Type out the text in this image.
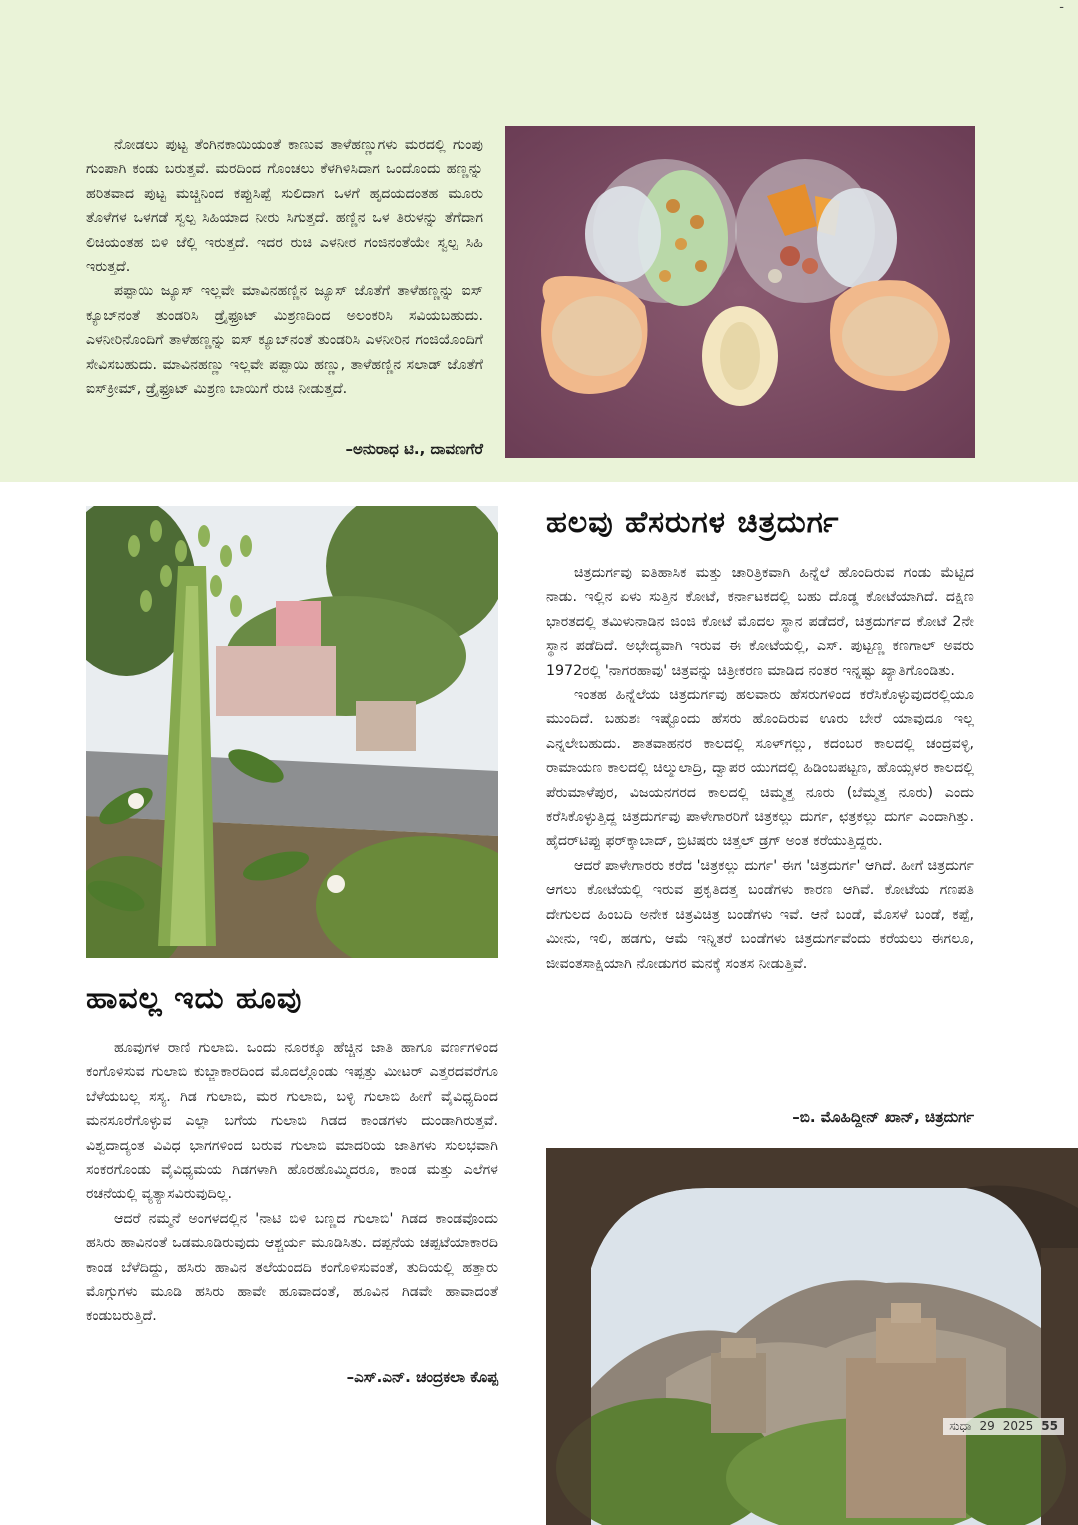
-

ನೋಡಲು ಪುಟ್ಟ ತೆಂಗಿನಕಾಯಿಯಂತೆ ಕಾಣುವ ತಾಳೆಹಣ್ಣುಗಳು ಮರದಲ್ಲಿ ಗುಂಪು ಗುಂಪಾಗಿ ಕಂಡು ಬರುತ್ತವೆ. ಮರದಿಂದ ಗೊಂಚಲು ಕೆಳಗಿಳಿಸಿದಾಗ ಒಂದೊಂದು ಹಣ್ಣನ್ನು ಹರಿತವಾದ ಪುಟ್ಟ ಮಚ್ಚಿನಿಂದ ಕಪ್ಪುಸಿಪ್ಪೆ ಸುಲಿದಾಗ ಒಳಗೆ ಹೃದಯದಂತಹ ಮೂರು ತೊಳೆಗಳ ಒಳಗಡೆ ಸ್ವಲ್ಪ ಸಿಹಿಯಾದ ನೀರು ಸಿಗುತ್ತದೆ. ಹಣ್ಣಿನ ಒಳ ತಿರುಳನ್ನು ತೆಗೆದಾಗ ಲಿಚಿಯಂತಹ ಬಿಳಿ ಜೆಲ್ಲಿ ಇರುತ್ತದೆ. ಇದರ ರುಚಿ ಎಳನೀರ ಗಂಜಿನಂತೆಯೇ ಸ್ವಲ್ಪ ಸಿಹಿ ಇರುತ್ತದೆ.

ಪಪ್ಪಾಯಿ ಜ್ಯೂಸ್ ಇಲ್ಲವೇ ಮಾವಿನಹಣ್ಣಿನ ಜ್ಯೂಸ್ ಜೊತೆಗೆ ತಾಳೆಹಣ್ಣನ್ನು ಐಸ್ ಕ್ಯೂಬ್‌ನಂತೆ ತುಂಡರಿಸಿ ಡ್ರೈಫ್ರೂಟ್ ಮಿಶ್ರಣದಿಂದ ಅಲಂಕರಿಸಿ ಸವಿಯಬಹುದು. ಎಳನೀರಿನೊಂದಿಗೆ ತಾಳೆಹಣ್ಣನ್ನು ಐಸ್ ಕ್ಯೂಬ್‌ನಂತೆ ತುಂಡರಿಸಿ ಎಳನೀರಿನ ಗಂಜಿಯೊಂದಿಗೆ ಸೇವಿಸಬಹುದು. ಮಾವಿನಹಣ್ಣು ಇಲ್ಲವೇ ಪಪ್ಪಾಯಿ ಹಣ್ಣು, ತಾಳೆಹಣ್ಣಿನ ಸಲಾಡ್ ಜೊತೆಗೆ ಐಸ್‌ಕ್ರೀಮ್, ಡ್ರೈಫ್ರೂಟ್ ಮಿಶ್ರಣ ಬಾಯಿಗೆ ರುಚಿ ನೀಡುತ್ತದೆ.

–ಅನುರಾಧ ಟಿ., ದಾವಣಗೆರೆ
ಹಾವಲ್ಲ ಇದು ಹೂವು

ಹೂವುಗಳ ರಾಣಿ ಗುಲಾಬಿ. ಒಂದು ನೂರಕ್ಕೂ ಹೆಚ್ಚಿನ ಜಾತಿ ಹಾಗೂ ವರ್ಣಗಳಿಂದ ಕಂಗೊಳಿಸುವ ಗುಲಾಬಿ ಕುಬ್ಜಾಕಾರದಿಂದ ಮೊದಲ್ಗೊಂಡು ಇಪ್ಪತ್ತು ಮೀಟರ್ ಎತ್ತರದವರೆಗೂ ಬೆಳೆಯಬಲ್ಲ ಸಸ್ಯ. ಗಿಡ ಗುಲಾಬಿ, ಮರ ಗುಲಾಬಿ, ಬಳ್ಳಿ ಗುಲಾಬಿ ಹೀಗೆ ವೈವಿಧ್ಯದಿಂದ ಮನಸೂರೆಗೊಳ್ಳುವ ಎಲ್ಲಾ ಬಗೆಯ ಗುಲಾಬಿ ಗಿಡದ ಕಾಂಡಗಳು ದುಂಡಾಗಿರುತ್ತವೆ. ವಿಶ್ವದಾದ್ಯಂತ ವಿವಿಧ ಭಾಗಗಳಿಂದ ಬರುವ ಗುಲಾಬಿ ಮಾದರಿಯ ಜಾತಿಗಳು ಸುಲಭವಾಗಿ ಸಂಕರಗೊಂಡು ವೈವಿಧ್ಯಮಯ ಗಿಡಗಳಾಗಿ ಹೊರಹೊಮ್ಮಿದರೂ, ಕಾಂಡ ಮತ್ತು ಎಲೆಗಳ ರಚನೆಯಲ್ಲಿ ವ್ಯತ್ಯಾಸವಿರುವುದಿಲ್ಲ.

ಆದರೆ ನಮ್ಮನೆ ಅಂಗಳದಲ್ಲಿನ 'ನಾಟಿ ಬಿಳಿ ಬಣ್ಣದ ಗುಲಾಬಿ' ಗಿಡದ ಕಾಂಡವೊಂದು ಹಸಿರು ಹಾವಿನಂತೆ ಒಡಮೂಡಿರುವುದು ಆಶ್ಚರ್ಯ ಮೂಡಿಸಿತು. ದಪ್ಪನೆಯ ಚಪ್ಪಟೆಯಾಕಾರದಿ ಕಾಂಡ ಬೆಳೆದಿದ್ದು, ಹಸಿರು ಹಾವಿನ ತಲೆಯಂದದಿ ಕಂಗೊಳಿಸುವಂತೆ, ತುದಿಯಲ್ಲಿ ಹತ್ತಾರು ಮೊಗ್ಗುಗಳು ಮೂಡಿ ಹಸಿರು ಹಾವೇ ಹೂವಾದಂತೆ, ಹೂವಿನ ಗಿಡವೇ ಹಾವಾದಂತೆ ಕಂಡುಬರುತ್ತಿದೆ.

–ಎಸ್.ಎನ್. ಚಂದ್ರಕಲಾ ಕೊಪ್ಪ
ಹಲವು ಹೆಸರುಗಳ ಚಿತ್ರದುರ್ಗ

ಚಿತ್ರದುರ್ಗವು ಐತಿಹಾಸಿಕ ಮತ್ತು ಚಾರಿತ್ರಿಕವಾಗಿ ಹಿನ್ನೆಲೆ ಹೊಂದಿರುವ ಗಂಡು ಮೆಟ್ಟಿದ ನಾಡು. ಇಲ್ಲಿನ ಏಳು ಸುತ್ತಿನ ಕೋಟೆ, ಕರ್ನಾಟಕದಲ್ಲಿ ಬಹು ದೊಡ್ಡ ಕೋಟೆಯಾಗಿದೆ. ದಕ್ಷಿಣ ಭಾರತದಲ್ಲಿ ತಮಿಳುನಾಡಿನ ಜಿಂಜಿ ಕೋಟೆ ಮೊದಲ ಸ್ಥಾನ ಪಡೆದರೆ, ಚಿತ್ರದುರ್ಗದ ಕೋಟೆ 2ನೇ ಸ್ಥಾನ ಪಡೆದಿದೆ. ಅಭೇದ್ಯವಾಗಿ ಇರುವ ಈ ಕೋಟೆಯಲ್ಲಿ, ಎಸ್. ಪುಟ್ಟಣ್ಣ ಕಣಗಾಲ್ ಅವರು 1972ರಲ್ಲಿ 'ನಾಗರಹಾವು' ಚಿತ್ರವನ್ನು ಚಿತ್ರೀಕರಣ ಮಾಡಿದ ನಂತರ ಇನ್ನಷ್ಟು ಖ್ಯಾತಿಗೊಂಡಿತು.

ಇಂತಹ ಹಿನ್ನೆಲೆಯ ಚಿತ್ರದುರ್ಗವು ಹಲವಾರು ಹೆಸರುಗಳಿಂದ ಕರೆಸಿಕೊಳ್ಳುವುದರಲ್ಲಿಯೂ ಮುಂದಿದೆ. ಬಹುಶಃ ಇಷ್ಟೊಂದು ಹೆಸರು ಹೊಂದಿರುವ ಊರು ಬೇರೆ ಯಾವುದೂ ಇಲ್ಲ ಎನ್ನಲೇಬಹುದು. ಶಾತವಾಹನರ ಕಾಲದಲ್ಲಿ ಸೂಳ್‌ಗಲ್ಲು, ಕದಂಬರ ಕಾಲದಲ್ಲಿ ಚಂದ್ರವಳ್ಳಿ, ರಾಮಾಯಣ ಕಾಲದಲ್ಲಿ ಚಿಲ್ಮುಲಾದ್ರಿ, ದ್ವಾಪರ ಯುಗದಲ್ಲಿ ಹಿಡಿಂಬಪಟ್ಟಣ, ಹೊಯ್ಸಳರ ಕಾಲದಲ್ಲಿ ಪೆರುಮಾಳೆಪುರ, ವಿಜಯನಗರದ ಕಾಲದಲ್ಲಿ ಚಿಮ್ಮತ್ತ ನೂರು (ಬೆಮ್ಮತ್ತ ನೂರು) ಎಂದು ಕರೆಸಿಕೊಳ್ಳುತ್ತಿದ್ದ ಚಿತ್ರದುರ್ಗವು ಪಾಳೇಗಾರರಿಗೆ ಚಿತ್ರಕಲ್ಲು ದುರ್ಗ, ಛತ್ರಕಲ್ಲು ದುರ್ಗ ಎಂದಾಗಿತ್ತು. ಹೈದರ್‌ಟಿಪ್ಪು ಫರ್‌ಕ್ಕಾಬಾದ್, ಬ್ರಿಟಿಷರು ಚಿತ್ತಲ್ ಡ್ರಗ್ ಅಂತ ಕರೆಯುತ್ತಿದ್ದರು.

ಆದರೆ ಪಾಳೇಗಾರರು ಕರೆದ 'ಚಿತ್ರಕಲ್ಲು ದುರ್ಗ' ಈಗ 'ಚಿತ್ರದುರ್ಗ' ಆಗಿದೆ. ಹೀಗೆ ಚಿತ್ರದುರ್ಗ ಆಗಲು ಕೋಟೆಯಲ್ಲಿ ಇರುವ ಪ್ರಕೃತಿದತ್ತ ಬಂಡೆಗಳು ಕಾರಣ ಆಗಿವೆ. ಕೋಟೆಯ ಗಣಪತಿ ದೇಗುಲದ ಹಿಂಬದಿ ಅನೇಕ ಚಿತ್ರವಿಚಿತ್ರ ಬಂಡೆಗಳು ಇವೆ. ಆನೆ ಬಂಡೆ, ಮೊಸಳೆ ಬಂಡೆ, ಕಪ್ಪೆ, ಮೀನು, ಇಲಿ, ಹಡಗು, ಆಮೆ ಇನ್ನಿತರೆ ಬಂಡೆಗಳು ಚಿತ್ರದುರ್ಗವೆಂದು ಕರೆಯಲು ಈಗಲೂ, ಜೀವಂತಸಾಕ್ಷಿಯಾಗಿ ನೋಡುಗರ ಮನಕ್ಕೆ ಸಂತಸ ನೀಡುತ್ತಿವೆ.

–ಬಿ. ಮೊಹಿದ್ದೀನ್ ಖಾನ್, ಚಿತ್ರದುರ್ಗ
ಸುಧಾ 29 2025 55
